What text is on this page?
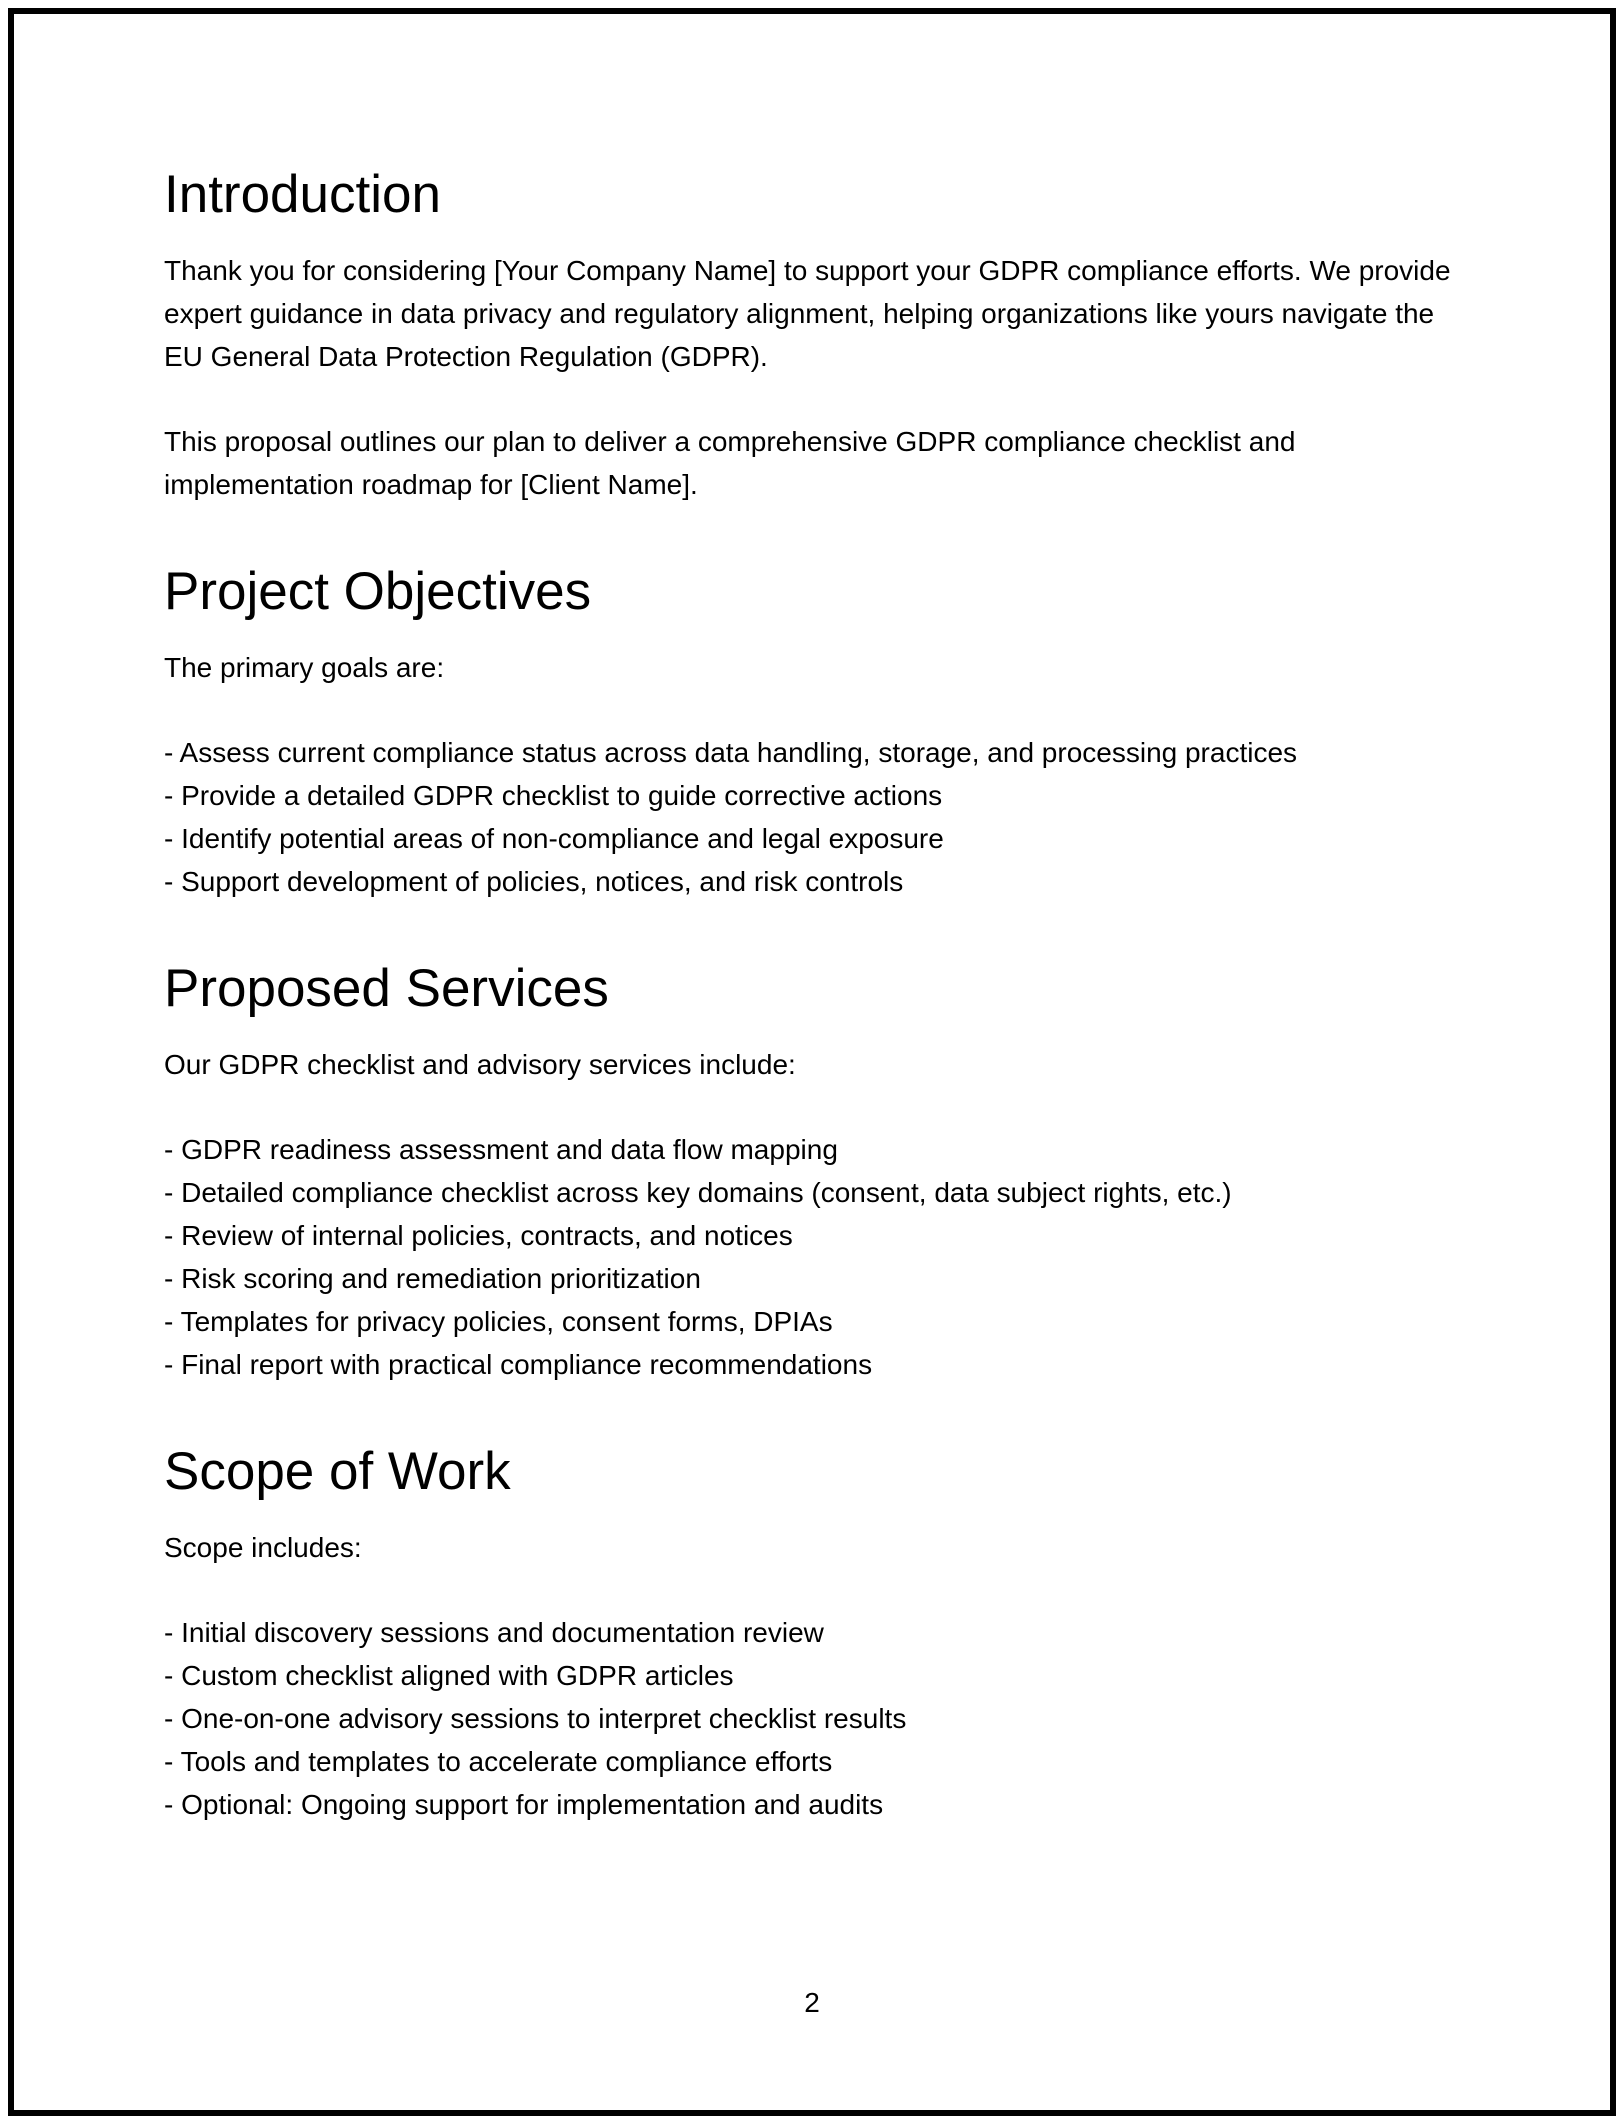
Introduction
Thank you for considering [Your Company Name] to support your GDPR compliance efforts. We provide
expert guidance in data privacy and regulatory alignment, helping organizations like yours navigate the
EU General Data Protection Regulation (GDPR).
This proposal outlines our plan to deliver a comprehensive GDPR compliance checklist and
implementation roadmap for [Client Name].
Project Objectives
The primary goals are:
- Assess current compliance status across data handling, storage, and processing practices
- Provide a detailed GDPR checklist to guide corrective actions
- Identify potential areas of non-compliance and legal exposure
- Support development of policies, notices, and risk controls
Proposed Services
Our GDPR checklist and advisory services include:
- GDPR readiness assessment and data flow mapping
- Detailed compliance checklist across key domains (consent, data subject rights, etc.)
- Review of internal policies, contracts, and notices
- Risk scoring and remediation prioritization
- Templates for privacy policies, consent forms, DPIAs
- Final report with practical compliance recommendations
Scope of Work
Scope includes:
- Initial discovery sessions and documentation review
- Custom checklist aligned with GDPR articles
- One-on-one advisory sessions to interpret checklist results
- Tools and templates to accelerate compliance efforts
- Optional: Ongoing support for implementation and audits
2
